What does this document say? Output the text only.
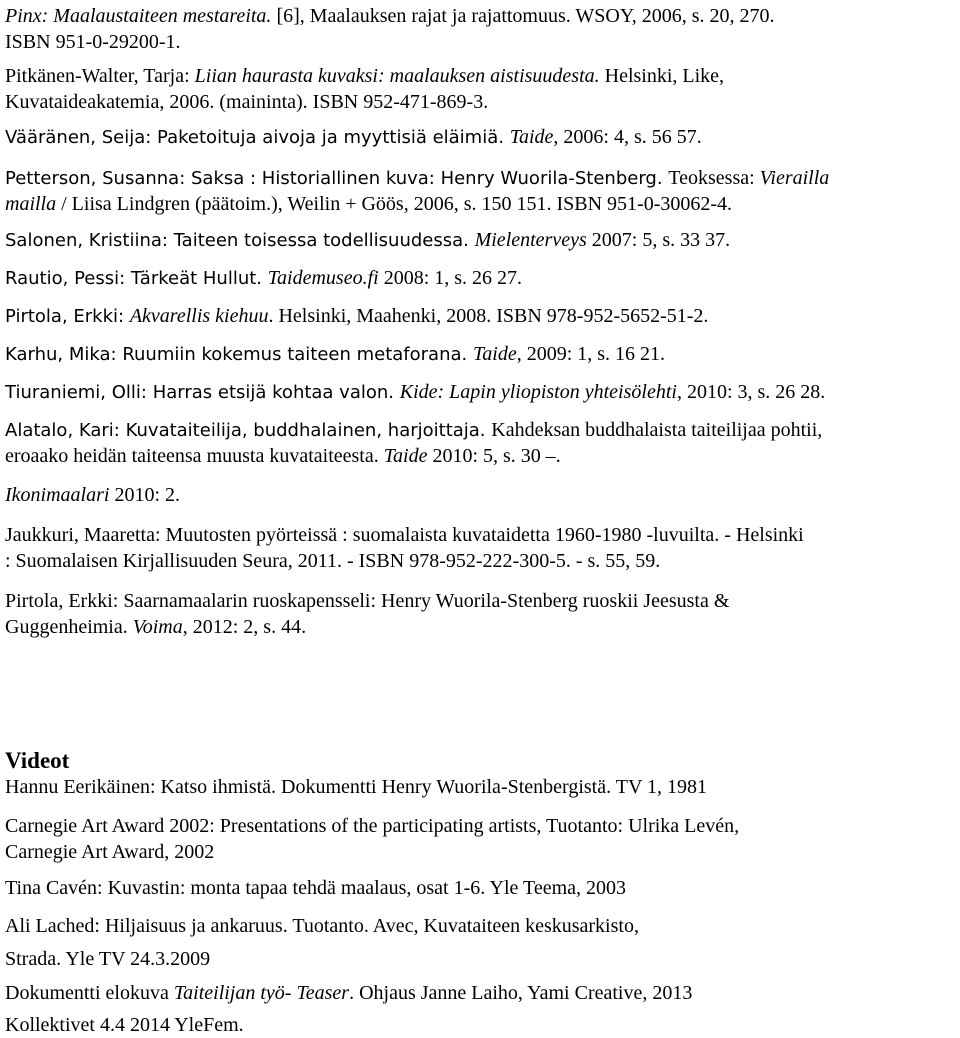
Pinx: Maalaustaiteen mestareita. [6], Maalauksen rajat ja rajattomuus. WSOY, 2006, s. 20, 270.
ISBN 951-0-29200-1.
Pitkänen-Walter, Tarja: Liian haurasta kuvaksi: maalauksen aistisuudesta. Helsinki, Like,
Kuvataideakatemia, 2006. (maininta). ISBN 952-471-869-3.
Vääränen, Seija: Paketoituja aivoja ja myyttisiä eläimiä. Taide, 2006: 4, s. 56 57.
Petterson, Susanna: Saksa : Historiallinen kuva: Henry Wuorila-Stenberg. Teoksessa: Vierailla
mailla / Liisa Lindgren (päätoim.), Weilin + Göös, 2006, s. 150 151. ISBN 951-0-30062-4.
Salonen, Kristiina: Taiteen toisessa todellisuudessa. Mielenterveys 2007: 5, s. 33 37.
Rautio, Pessi: Tärkeät Hullut. Taidemuseo.fi 2008: 1, s. 26 27.
Pirtola, Erkki: Akvarellis kiehuu. Helsinki, Maahenki, 2008. ISBN 978-952-5652-51-2.
Karhu, Mika: Ruumiin kokemus taiteen metaforana. Taide, 2009: 1, s. 16 21.
Tiuraniemi, Olli: Harras etsijä kohtaa valon. Kide: Lapin yliopiston yhteisölehti, 2010: 3, s. 26 28.
Alatalo, Kari: Kuvataiteilija, buddhalainen, harjoittaja. Kahdeksan buddhalaista taiteilijaa pohtii,
eroaako heidän taiteensa muusta kuvataiteesta. Taide 2010: 5, s. 30 –.
Ikonimaalari 2010: 2.
Jaukkuri, Maaretta: Muutosten pyörteissä : suomalaista kuvataidetta 1960-1980 -luvuilta. - Helsinki
: Suomalaisen Kirjallisuuden Seura, 2011. - ISBN 978-952-222-300-5. - s. 55, 59.
Pirtola, Erkki: Saarnamaalarin ruoskapensseli: Henry Wuorila-Stenberg ruoskii Jeesusta &
Guggenheimia. Voima, 2012: 2, s. 44.
Videot
Hannu Eerikäinen: Katso ihmistä. Dokumentti Henry Wuorila-Stenbergistä. TV 1, 1981
Carnegie Art Award 2002: Presentations of the participating artists, Tuotanto: Ulrika Levén,
Carnegie Art Award, 2002
Tina Cavén: Kuvastin: monta tapaa tehdä maalaus, osat 1-6. Yle Teema, 2003
Ali Lached: Hiljaisuus ja ankaruus. Tuotanto. Avec, Kuvataiteen keskusarkisto,
Strada. Yle TV 24.3.2009
Dokumentti elokuva Taiteilijan työ- Teaser. Ohjaus Janne Laiho, Yami Creative, 2013
Kollektivet 4.4 2014 YleFem.
